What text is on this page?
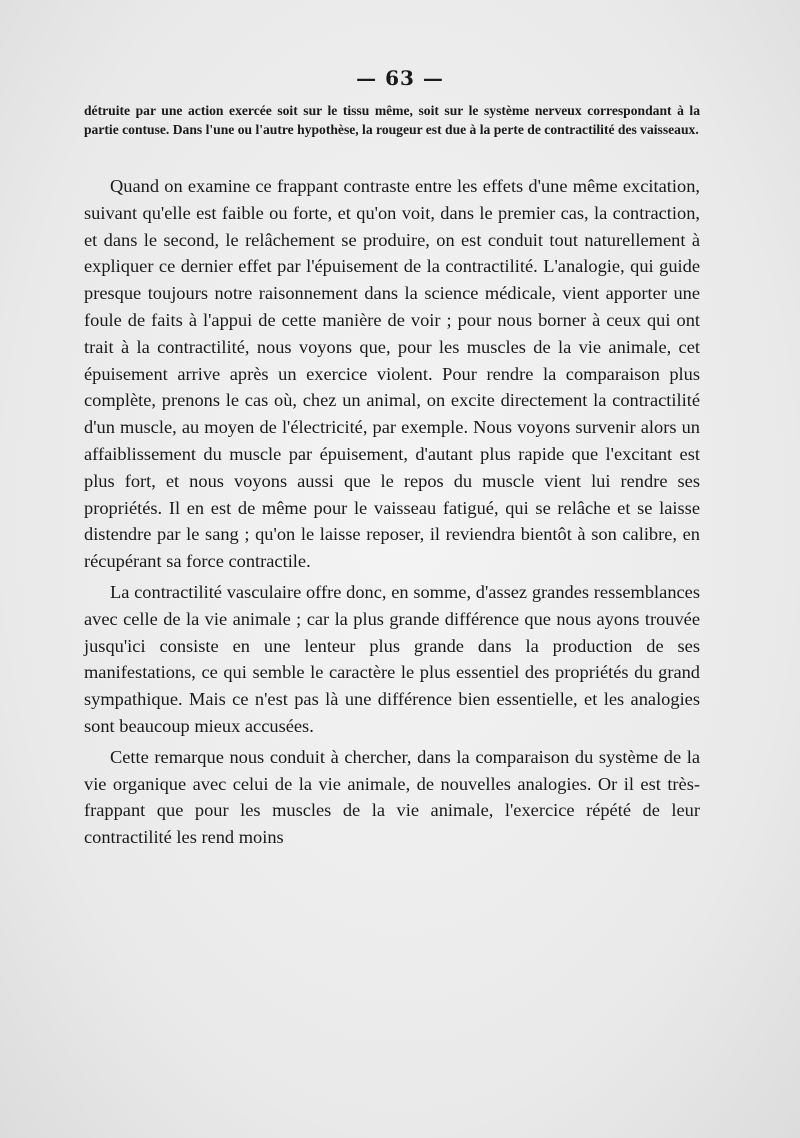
— 63 —

détruite par une action exercée soit sur le tissu même, soit sur le système nerveux correspondant à la partie contuse. Dans l'une ou l'autre hypothèse, la rougeur est due à la perte de contractilité des vaisseaux.

Quand on examine ce frappant contraste entre les effets d'une même excitation, suivant qu'elle est faible ou forte, et qu'on voit, dans le premier cas, la contraction, et dans le second, le relâchement se produire, on est conduit tout naturellement à expliquer ce dernier effet par l'épuisement de la contractilité. L'analogie, qui guide presque toujours notre raisonnement dans la science médicale, vient apporter une foule de faits à l'appui de cette manière de voir ; pour nous borner à ceux qui ont trait à la contractilité, nous voyons que, pour les muscles de la vie animale, cet épuisement arrive après un exercice violent. Pour rendre la comparaison plus complète, prenons le cas où, chez un animal, on excite directement la contractilité d'un muscle, au moyen de l'électricité, par exemple. Nous voyons survenir alors un affaiblissement du muscle par épuisement, d'autant plus rapide que l'excitant est plus fort, et nous voyons aussi que le repos du muscle vient lui rendre ses propriétés. Il en est de même pour le vaisseau fatigué, qui se relâche et se laisse distendre par le sang ; qu'on le laisse reposer, il reviendra bientôt à son calibre, en récupérant sa force contractile.

La contractilité vasculaire offre donc, en somme, d'assez grandes ressemblances avec celle de la vie animale ; car la plus grande différence que nous ayons trouvée jusqu'ici consiste en une lenteur plus grande dans la production de ses manifestations, ce qui semble le caractère le plus essentiel des propriétés du grand sympathique. Mais ce n'est pas là une différence bien essentielle, et les analogies sont beaucoup mieux accusées.

Cette remarque nous conduit à chercher, dans la comparaison du système de la vie organique avec celui de la vie animale, de nouvelles analogies. Or il est très-frappant que pour les muscles de la vie animale, l'exercice répété de leur contractilité les rend moins
